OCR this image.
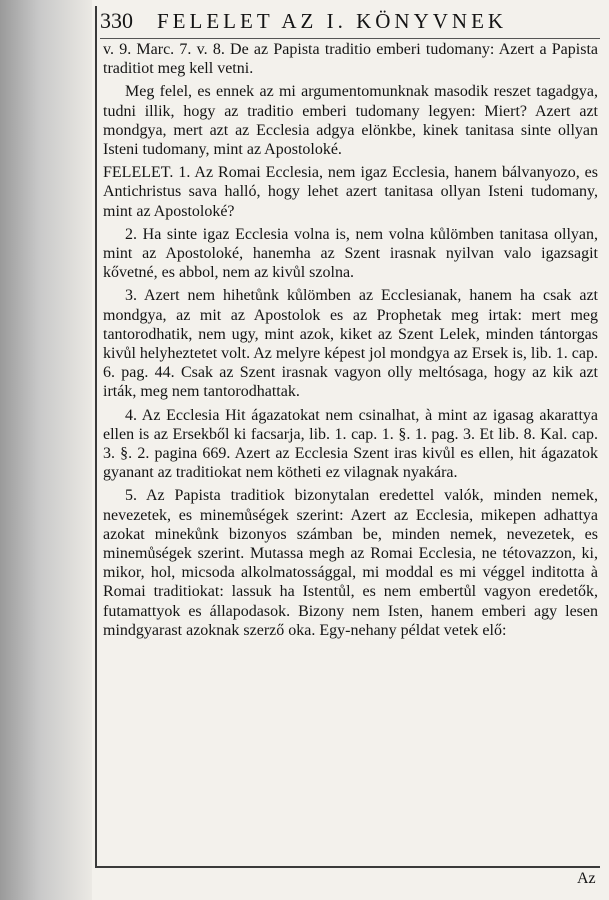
330 FELELET AZ I. KÖNYVNEK

v. 9. Marc. 7. v. 8. De az Papista traditio emberi tudomany: Azert a Papista traditiot meg kell vetni.

Meg felel, es ennek az mi argumentomunknak masodik reszet tagadgya, tudni illik, hogy az traditio emberi tudomany legyen: Miert? Azert azt mondgya, mert azt az Ecclesia adgya elönkbe, kinek tanitasa sinte ollyan Isteni tudomany, mint az Apostoloké.

FELELET. 1. Az Romai Ecclesia, nem igaz Ecclesia, hanem bálvanyozo, es Antichristus sava halló, hogy lehet azert tanitasa ollyan Isteni tudomany, mint az Apostoloké?

2. Ha sinte igaz Ecclesia volna is, nem volna kůlömben tanitasa ollyan, mint az Apostoloké, hanemha az Szent irasnak nyilvan valo igazsagit kővetné, es abbol, nem az kivůl szolna.

3. Azert nem hihetůnk kůlömben az Ecclesianak, hanem ha csak azt mondgya, az mit az Apostolok es az Prophetak meg irtak: mert meg tantorodhatik, nem ugy, mint azok, kiket az Szent Lelek, minden tántorgas kivůl helyheztetet volt. Az melyre képest jol mondgya az Ersek is, lib. 1. cap. 6. pag. 44. Csak az Szent irasnak vagyon olly meltósaga, hogy az kik azt irták, meg nem tantorodhattak.

4. Az Ecclesia Hit ágazatokat nem csinalhat, à mint az igasag akarattya ellen is az Ersekből ki facsarja, lib. 1. cap. 1. §. 1. pag. 3. Et lib. 8. Kal. cap. 3. §. 2. pagina 669. Azert az Ecclesia Szent iras kivůl es ellen, hit ágazatok gyanant az traditiokat nem kötheti ez vilagnak nyakára.

5. Az Papista traditiok bizonytalan eredettel valók, minden nemek, nevezetek, es minemůségek szerint: Azert az Ecclesia, mikepen adhattya azokat minekůnk bizonyos számban be, minden nemek, nevezetek, es minemůségek szerint. Mutassa megh az Romai Ecclesia, ne tétovazzon, ki, mikor, hol, micsoda alkolmatossággal, mi moddal es mi véggel inditotta à Romai traditiokat: lassuk ha Istentůl, es nem embertůl vagyon eredetők, futamattyok es állapodasok. Bizony nem Isten, hanem emberi agy lesen mindgyarast azoknak szerző oka. Egy-nehany példat vetek elő:

Az
